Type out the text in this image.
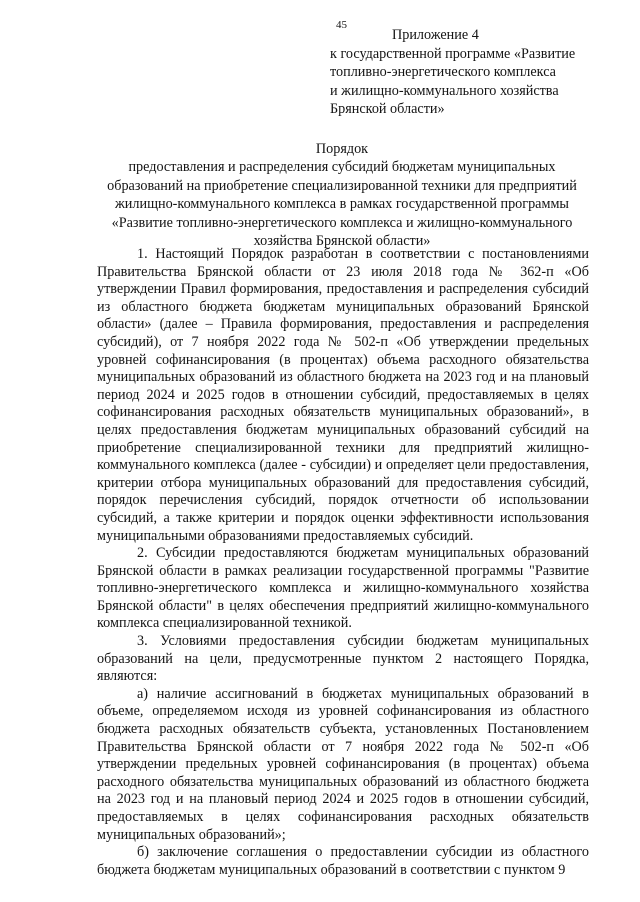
45
Приложение 4
к государственной программе «Развитие
топливно-энергетического комплекса
и жилищно-коммунального хозяйства
Брянской области»
Порядок
предоставления и распределения субсидий бюджетам муниципальных
образований на приобретение специализированной техники для предприятий
жилищно-коммунального комплекса в рамках государственной программы
«Развитие топливно-энергетического комплекса и жилищно-коммунального
хозяйства Брянской области»

1. Настоящий Порядок разработан в соответствии с постановлениями Правительства Брянской области от 23 июля 2018 года № 362-п «Об утверждении Правил формирования, предоставления и распределения субсидий из областного бюджета бюджетам муниципальных образований Брянской области» (далее – Правила формирования, предоставления и распределения субсидий), от 7 ноября 2022 года № 502-п «Об утверждении предельных уровней софинансирования (в процентах) объема расходного обязательства муниципальных образований из областного бюджета на 2023 год и на плановый период 2024 и 2025 годов в отношении субсидий, предоставляемых в целях софинансирования расходных обязательств муниципальных образований», в целях предоставления бюджетам муниципальных образований субсидий на приобретение специализированной техники для предприятий жилищно-коммунального комплекса (далее - субсидии) и определяет цели предоставления, критерии отбора муниципальных образований для предоставления субсидий, порядок перечисления субсидий, порядок отчетности об использовании субсидий, а также критерии и порядок оценки эффективности использования муниципальными образованиями предоставляемых субсидий.

2. Субсидии предоставляются бюджетам муниципальных образований Брянской области в рамках реализации государственной программы "Развитие топливно-энергетического комплекса и жилищно-коммунального хозяйства Брянской области" в целях обеспечения предприятий жилищно-коммунального комплекса специализированной техникой.

3. Условиями предоставления субсидии бюджетам муниципальных образований на цели, предусмотренные пунктом 2 настоящего Порядка, являются:

а) наличие ассигнований в бюджетах муниципальных образований в объеме, определяемом исходя из уровней софинансирования из областного бюджета расходных обязательств субъекта, установленных Постановлением Правительства Брянской области от 7 ноября 2022 года № 502-п «Об утверждении предельных уровней софинансирования (в процентах) объема расходного обязательства муниципальных образований из областного бюджета на 2023 год и на плановый период 2024 и 2025 годов в отношении субсидий, предоставляемых в целях софинансирования расходных обязательств муниципальных образований»;

б) заключение соглашения о предоставлении субсидии из областного бюджета бюджетам муниципальных образований в соответствии с пунктом 9
